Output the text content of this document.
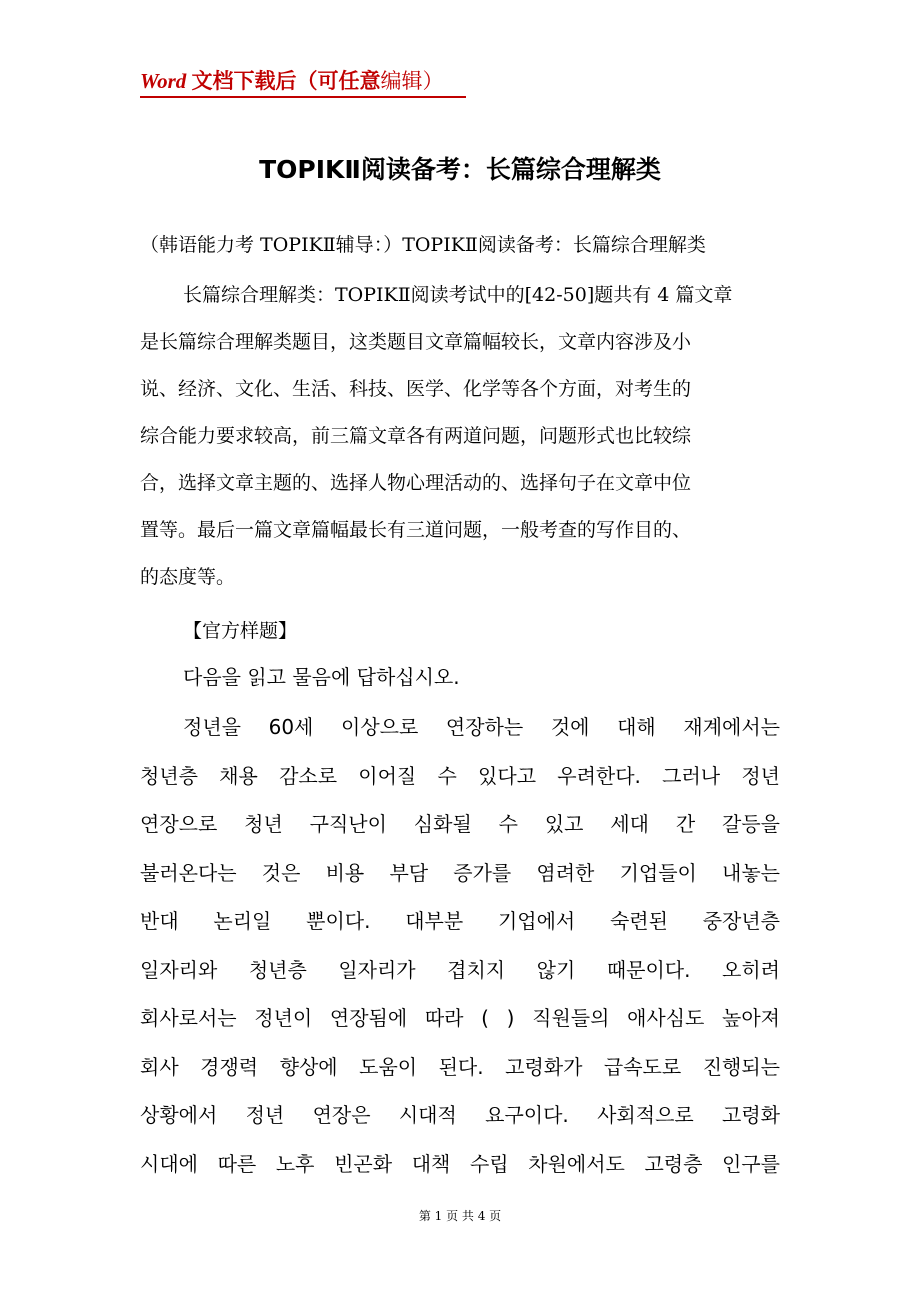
Word 文档下载后（可任意编辑）
TOPIKⅡ阅读备考：长篇综合理解类
（韩语能力考 TOPIKⅡ辅导：）TOPIKⅡ阅读备考：长篇综合理解类
长篇综合理解类：TOPIKⅡ阅读考试中的[42-50]题共有 4 篇文章
是长篇综合理解类题目，这类题目文章篇幅较长，文章内容涉及小
说、经济、文化、生活、科技、医学、化学等各个方面，对考生的
综合能力要求较高，前三篇文章各有两道问题，问题形式也比较综
合，选择文章主题的、选择人物心理活动的、选择句子在文章中位
置等。最后一篇文章篇幅最长有三道问题，一般考查的写作目的、
的态度等。
【官方样题】
다음을 읽고 물음에 답하십시오.
정년을 60세 이상으로 연장하는 것에 대해 재계에서는
청년층 채용 감소로 이어질 수 있다고 우려한다. 그러나 정년
연장으로 청년 구직난이 심화될 수 있고 세대 간 갈등을
불러온다는 것은 비용 부담 증가를 염려한 기업들이 내놓는
반대 논리일 뿐이다. 대부분 기업에서 숙련된 중장년층
일자리와 청년층 일자리가 겹치지 않기 때문이다. 오히려
회사로서는 정년이 연장됨에 따라 ( ) 직원들의 애사심도 높아져
회사 경쟁력 향상에 도움이 된다. 고령화가 급속도로 진행되는
상황에서 정년 연장은 시대적 요구이다. 사회적으로 고령화
시대에 따른 노후 빈곤화 대책 수립 차원에서도 고령층 인구를
第 1 页 共 4 页
